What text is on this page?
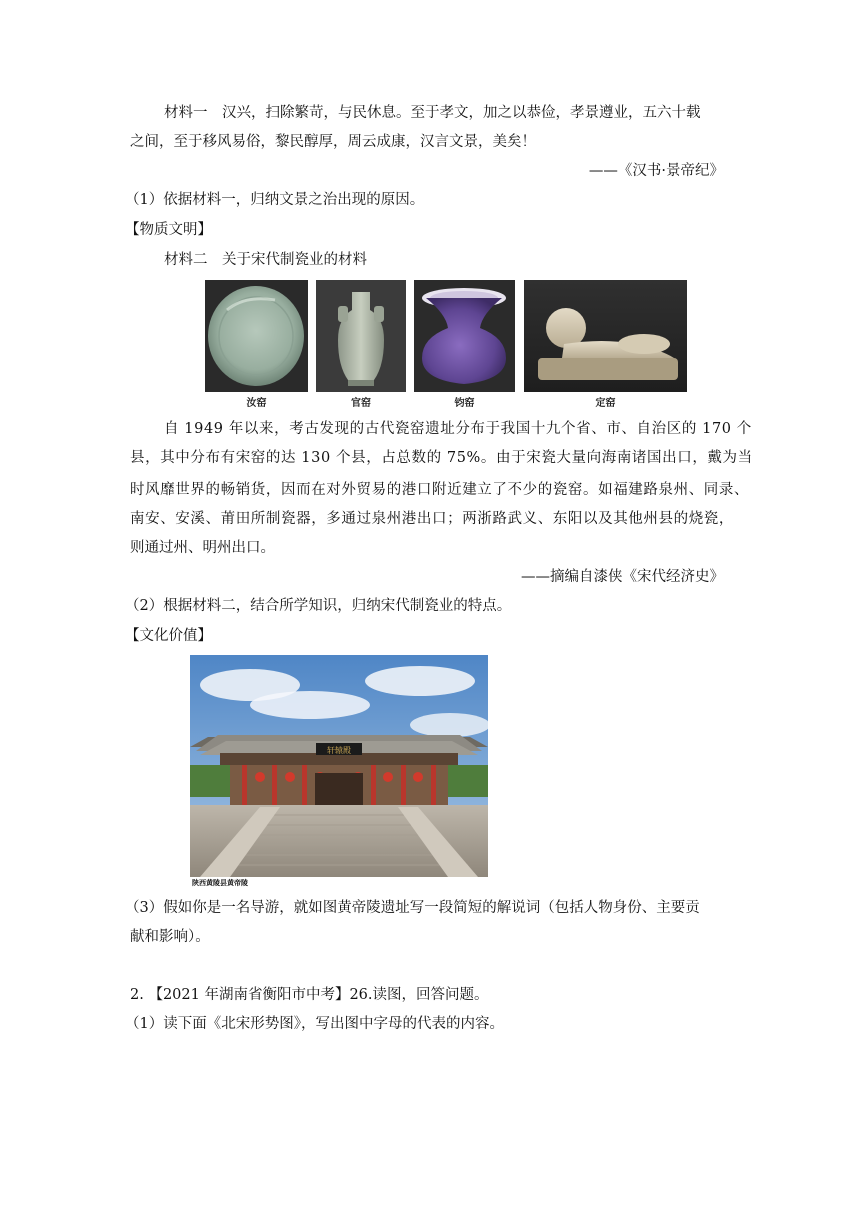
材料一　汉兴，扫除繁苛，与民休息。至于孝文，加之以恭俭，孝景遵业，五六十载
之间，至于移风易俗，黎民醇厚，周云成康，汉言文景，美矣！
——《汉书·景帝纪》
（1）依据材料一，归纳文景之治出现的原因。
【物质文明】
材料二　关于宋代制瓷业的材料
汝窑	官窑	钧窑	定窑
自 1949 年以来，考古发现的古代瓷窑遗址分布于我国十九个省、市、自治区的 170 个
县，其中分布有宋窑的达 130 个县，占总数的 75%。由于宋瓷大量向海南诸国出口，戴为当
时风靡世界的畅销货，因而在对外贸易的港口附近建立了不少的瓷窑。如福建路泉州、同录、
南安、安溪、莆田所制瓷器，多通过泉州港出口；两浙路武义、东阳以及其他州县的烧瓷，
则通过州、明州出口。
——摘编自漆侠《宋代经济史》
（2）根据材料二，结合所学知识，归纳宋代制瓷业的特点。
【文化价值】
轩辕殿
陕西黄陵县黄帝陵
（3）假如你是一名导游，就如图黄帝陵遗址写一段简短的解说词（包括人物身份、主要贡
献和影响）。
2. 【2021 年湖南省衡阳市中考】26.读图，回答问题。
（1）读下面《北宋形势图》，写出图中字母的代表的内容。
